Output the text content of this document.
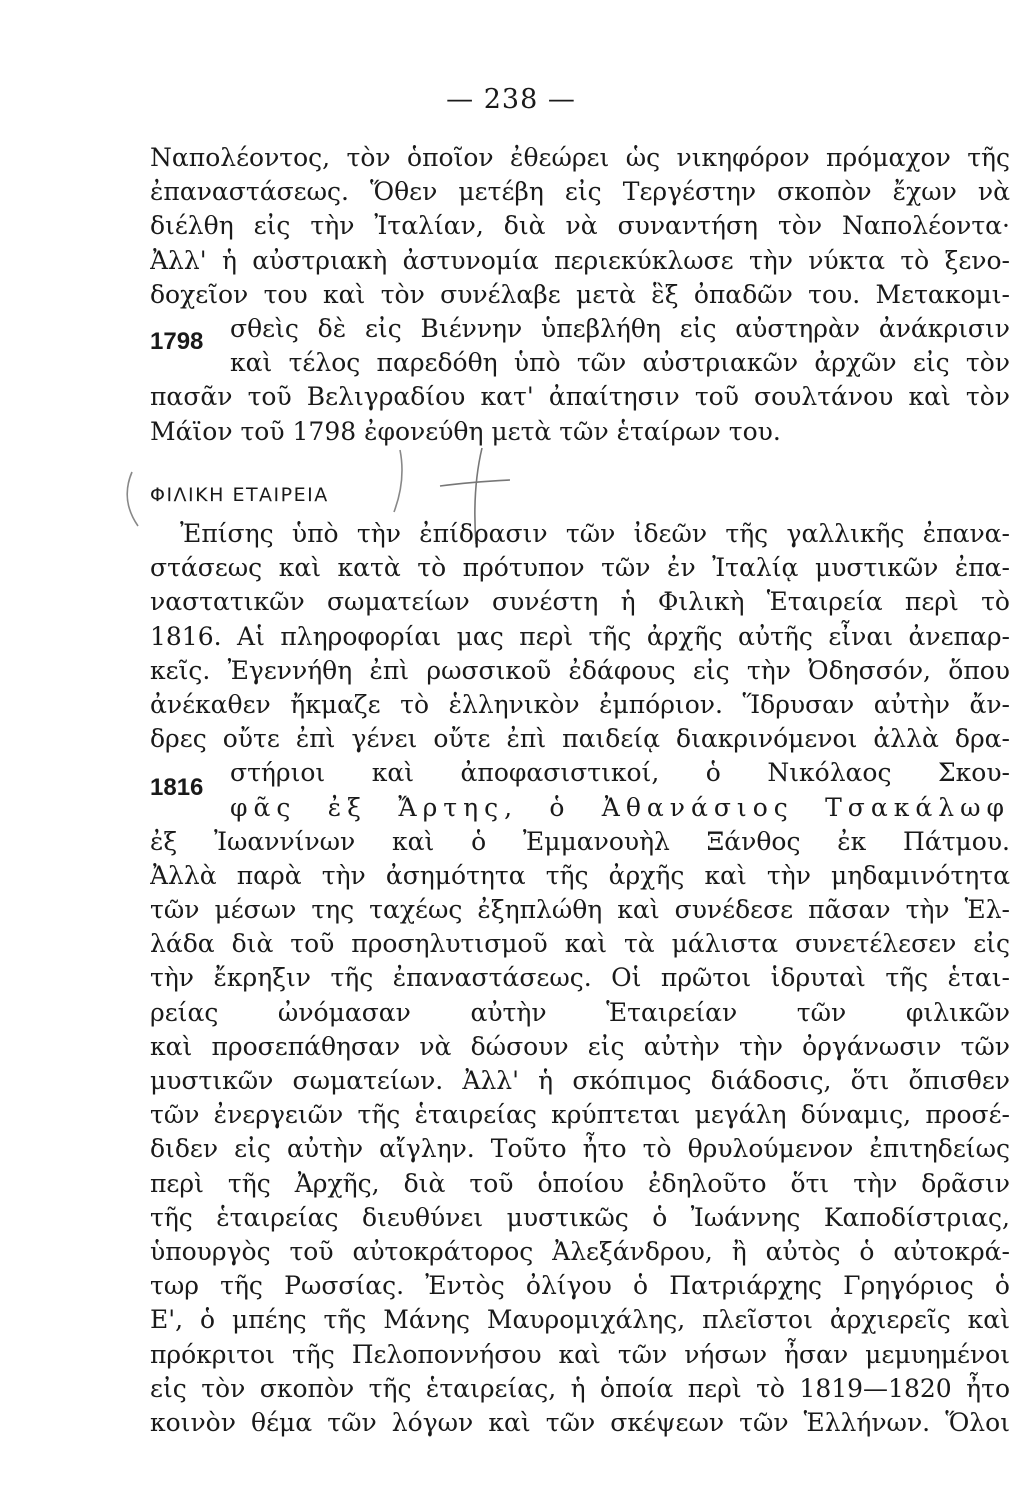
— 238 —
Ναπολέοντος, τὸν ὁποῖον ἐθεώρει ὡς νικηφόρον πρόμαχον τῆς
ἐπαναστάσεως. Ὅθεν μετέβη εἰς Τεργέστην σκοπὸν ἔχων νὰ
διέλθη εἰς τὴν Ἰταλίαν, διὰ νὰ συναντήση τὸν Ναπολέοντα·
Ἀλλ' ἡ αὐστριακὴ ἀστυνομία περιεκύκλωσε τὴν νύκτα τὸ ξενο-
δοχεῖον του καὶ τὸν συνέλαβε μετὰ ἓξ ὀπαδῶν του. Μετακομι-
σθεὶς δὲ εἰς Βιέννην ὑπεβλήθη εἰς αὐστηρὰν ἀνάκρισιν
καὶ τέλος παρεδόθη ὑπὸ τῶν αὐστριακῶν ἀρχῶν εἰς τὸν
πασᾶν τοῦ Βελιγραδίου κατ' ἀπαίτησιν τοῦ σουλτάνου καὶ τὸν
Μάϊον τοῦ 1798 ἐφονεύθη μετὰ τῶν ἑταίρων του.
1798
ΦΙΛΙΚΗ ΕΤΑΙΡΕΙΑ
Ἐπίσης ὑπὸ τὴν ἐπίδρασιν τῶν ἰδεῶν τῆς γαλλικῆς ἐπανα-
στάσεως καὶ κατὰ τὸ πρότυπον τῶν ἐν Ἰταλίᾳ μυστικῶν ἐπα-
ναστατικῶν σωματείων συνέστη ἡ Φιλικὴ Ἑταιρεία περὶ τὸ
1816. Αἱ πληροφορίαι μας περὶ τῆς ἀρχῆς αὐτῆς εἶναι ἀνεπαρ-
κεῖς. Ἐγεννήθη ἐπὶ ρωσσικοῦ ἐδάφους εἰς τὴν Ὀδησσόν, ὅπου
ἀνέκαθεν ἤκμαζε τὸ ἑλληνικὸν ἐμπόριον. Ἵδρυσαν αὐτὴν ἄν-
δρες οὔτε ἐπὶ γένει οὔτε ἐπὶ παιδείᾳ διακρινόμενοι ἀλλὰ δρα-
στήριοι καὶ ἀποφασιστικοί, ὁ Νικόλαος Σκου-
φᾶς ἐξ Ἄρτης, ὁ Ἀθανάσιος Τσακάλωφ
ἐξ Ἰωαννίνων καὶ ὁ Ἐμμανουὴλ Ξάνθος ἐκ Πάτμου.
Ἀλλὰ παρὰ τὴν ἀσημότητα τῆς ἀρχῆς καὶ τὴν μηδαμινότητα
τῶν μέσων της ταχέως ἐξηπλώθη καὶ συνέδεσε πᾶσαν τὴν Ἑλ-
λάδα διὰ τοῦ προσηλυτισμοῦ καὶ τὰ μάλιστα συνετέλεσεν εἰς
τὴν ἔκρηξιν τῆς ἐπαναστάσεως. Οἱ πρῶτοι ἱδρυταὶ τῆς ἑται-
ρείας ὠνόμασαν αὐτὴν Ἑταιρείαν τῶν φιλικῶν
καὶ προσεπάθησαν νὰ δώσουν εἰς αὐτὴν τὴν ὀργάνωσιν τῶν
μυστικῶν σωματείων. Ἀλλ' ἡ σκόπιμος διάδοσις, ὅτι ὄπισθεν
τῶν ἐνεργειῶν τῆς ἑταιρείας κρύπτεται μεγάλη δύναμις, προσέ-
διδεν εἰς αὐτὴν αἴγλην. Τοῦτο ἦτο τὸ θρυλούμενον ἐπιτηδείως
περὶ τῆς Ἀρχῆς, διὰ τοῦ ὁποίου ἐδηλοῦτο ὅτι τὴν δρᾶσιν
τῆς ἑταιρείας διευθύνει μυστικῶς ὁ Ἰωάννης Καποδίστριας,
ὑπουργὸς τοῦ αὐτοκράτορος Ἀλεξάνδρου, ἢ αὐτὸς ὁ αὐτοκρά-
τωρ τῆς Ρωσσίας. Ἐντὸς ὀλίγου ὁ Πατριάρχης Γρηγόριος ὁ
Ε', ὁ μπέης τῆς Μάνης Μαυρομιχάλης, πλεῖστοι ἀρχιερεῖς καὶ
πρόκριτοι τῆς Πελοποννήσου καὶ τῶν νήσων ἦσαν μεμυημένοι
εἰς τὸν σκοπὸν τῆς ἑταιρείας, ἡ ὁποία περὶ τὸ 1819—1820 ἦτο
κοινὸν θέμα τῶν λόγων καὶ τῶν σκέψεων τῶν Ἑλλήνων. Ὅλοι
1816
